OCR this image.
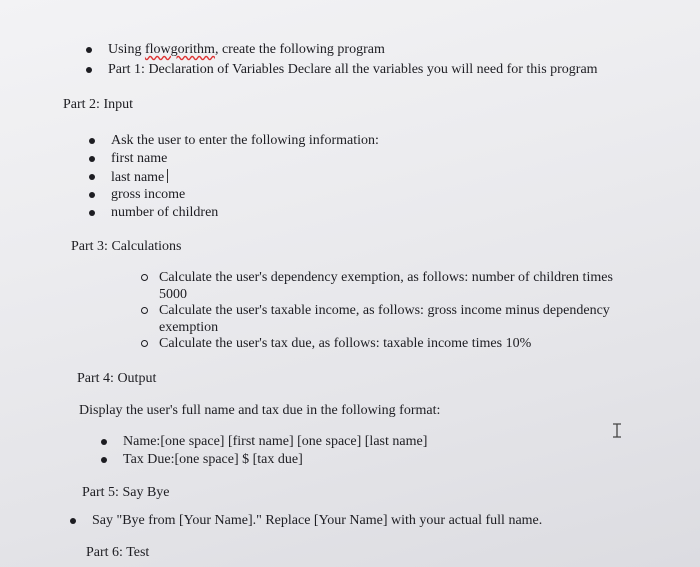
Using flowgorithm, create the following program
Part 1: Declaration of Variables Declare all the variables you will need for this program
Part 2: Input
Ask the user to enter the following information:
first name
last name
gross income
number of children
Part 3: Calculations
Calculate the user's dependency exemption, as follows: number of children times
5000
Calculate the user's taxable income, as follows: gross income minus dependency
exemption
Calculate the user's tax due, as follows: taxable income times 10%
Part 4: Output
Display the user's full name and tax due in the following format:
Name:[one space] [first name] [one space] [last name]
Tax Due:[one space] $ [tax due]
Part 5: Say Bye
Say "Bye from [Your Name]." Replace [Your Name] with your actual full name.
Part 6: Test
